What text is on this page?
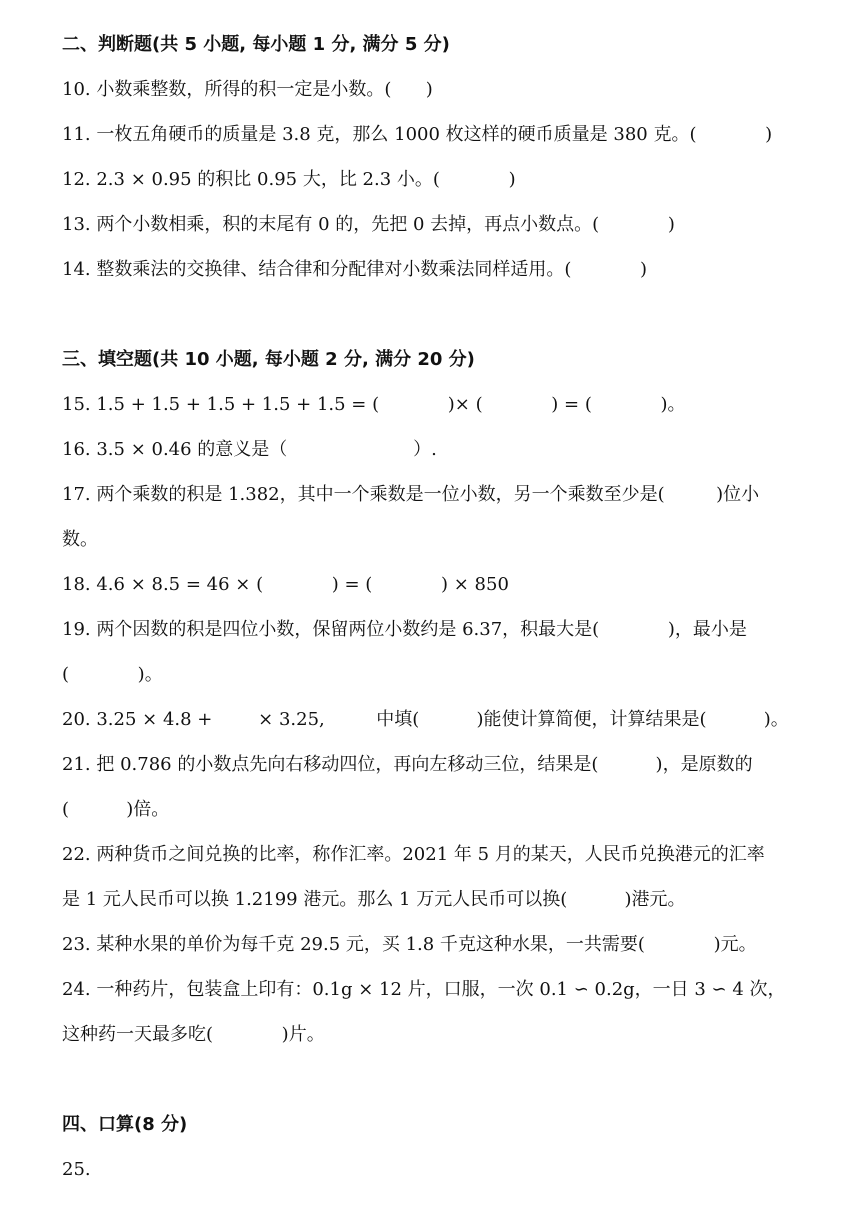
二、判断题(共 5 小题, 每小题 1 分, 满分 5 分)
10. 小数乘整数，所得的积一定是小数。(      )
11. 一枚五角硬币的质量是 3.8 克，那么 1000 枚这样的硬币质量是 380 克。(            )
12. 2.3 × 0.95 的积比 0.95 大，比 2.3 小。(            )
13. 两个小数相乘，积的末尾有 0 的，先把 0 去掉，再点小数点。(            )
14. 整数乘法的交换律、结合律和分配律对小数乘法同样适用。(            )
三、填空题(共 10 小题, 每小题 2 分, 满分 20 分)
15. 1.5 + 1.5 + 1.5 + 1.5 + 1.5 = (            )× (            ) = (            )。
16. 3.5 × 0.46 的意义是（                      ）.
17. 两个乘数的积是 1.382，其中一个乘数是一位小数，另一个乘数至少是(         )位小
数。
18. 4.6 × 8.5 = 46 × (            ) = (            ) × 850
19. 两个因数的积是四位小数，保留两位小数约是 6.37，积最大是(            )，最小是
(            )。
20. 3.25 × 4.8 +        × 3.25,         中填(          )能使计算简便，计算结果是(          )。
21. 把 0.786 的小数点先向右移动四位，再向左移动三位，结果是(          )，是原数的
(          )倍。
22. 两种货币之间兑换的比率，称作汇率。2021 年 5 月的某天，人民币兑换港元的汇率
是 1 元人民币可以换 1.2199 港元。那么 1 万元人民币可以换(          )港元。
23. 某种水果的单价为每千克 29.5 元，买 1.8 千克这种水果，一共需要(            )元。
24. 一种药片，包装盒上印有：0.1g × 12 片，口服，一次 0.1 ∽ 0.2g，一日 3 ∽ 4 次，
这种药一天最多吃(            )片。
四、口算(8 分)
25.
